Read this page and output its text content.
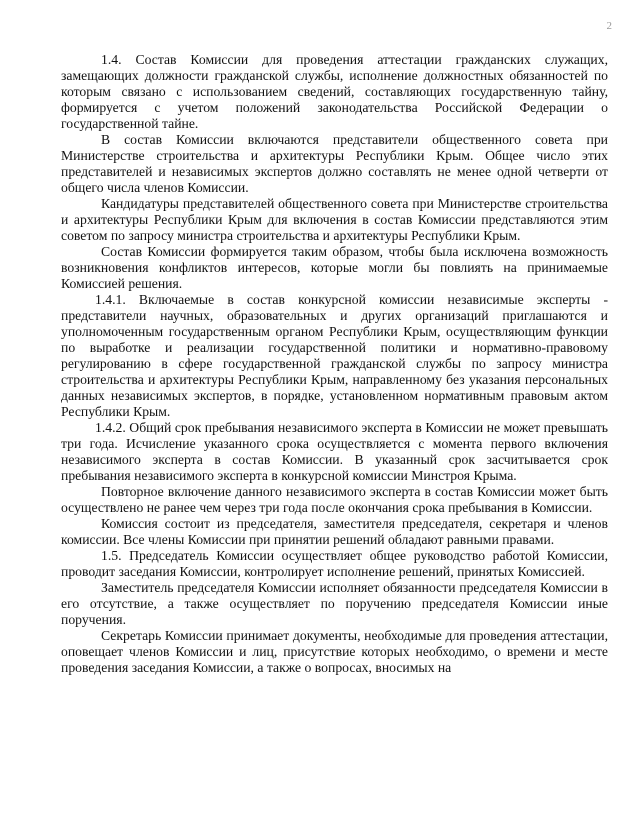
2

1.4. Состав Комиссии для проведения аттестации гражданских служащих, замещающих должности гражданской службы, исполнение должностных обязанностей по которым связано с использованием сведений, составляющих государственную тайну, формируется с учетом положений законодательства Российской Федерации о государственной тайне.

В состав Комиссии включаются представители общественного совета при Министерстве строительства и архитектуры Республики Крым. Общее число этих представителей и независимых экспертов должно составлять не менее одной четверти от общего числа членов Комиссии.

Кандидатуры представителей общественного совета при Министерстве строительства и архитектуры Республики Крым для включения в состав Комиссии представляются этим советом по запросу министра строительства и архитектуры Республики Крым.

Состав Комиссии формируется таким образом, чтобы была исключена возможность возникновения конфликтов интересов, которые могли бы повлиять на принимаемые Комиссией решения.

1.4.1. Включаемые в состав конкурсной комиссии независимые эксперты - представители научных, образовательных и других организаций приглашаются и уполномоченным государственным органом Республики Крым, осуществляющим функции по выработке и реализации государственной политики и нормативно-правовому регулированию в сфере государственной гражданской службы по запросу министра строительства и архитектуры Республики Крым, направленному без указания персональных данных независимых экспертов, в порядке, установленном нормативным правовым актом Республики Крым.

1.4.2. Общий срок пребывания независимого эксперта в Комиссии не может превышать три года. Исчисление указанного срока осуществляется с момента первого включения независимого эксперта в состав Комиссии. В указанный срок засчитывается срок пребывания независимого эксперта в конкурсной комиссии Минстроя Крыма.

Повторное включение данного независимого эксперта в состав Комиссии может быть осуществлено не ранее чем через три года после окончания срока пребывания в Комиссии.

Комиссия состоит из председателя, заместителя председателя, секретаря и членов комиссии. Все члены Комиссии при принятии решений обладают равными правами.

1.5. Председатель Комиссии осуществляет общее руководство работой Комиссии, проводит заседания Комиссии, контролирует исполнение решений, принятых Комиссией.

Заместитель председателя Комиссии исполняет обязанности председателя Комиссии в его отсутствие, а также осуществляет по поручению председателя Комиссии иные поручения.

Секретарь Комиссии принимает документы, необходимые для проведения аттестации, оповещает членов Комиссии и лиц, присутствие которых необходимо, о времени и месте проведения заседания Комиссии, а также о вопросах, вносимых на
